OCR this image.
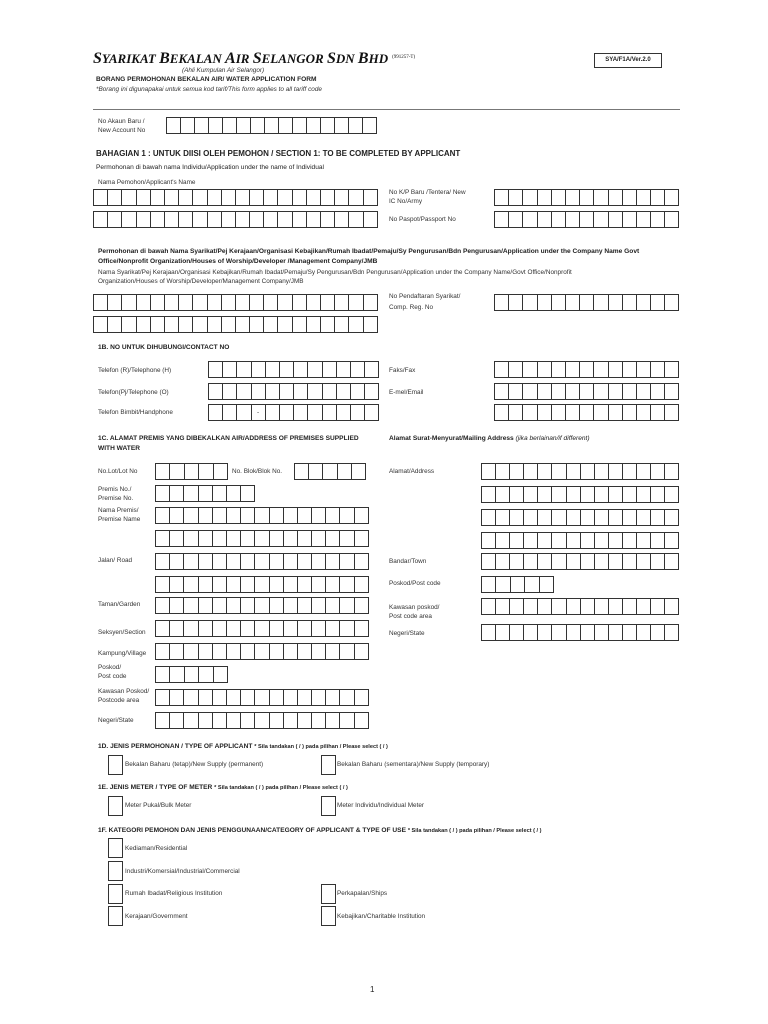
SYARIKAT BEKALAN AIR SELANGOR SDN BHD $^{(991257-T)}$
(Ahli Kumpulan Air Selangor)
BORANG PERMOHONAN BEKALAN AIR/ WATER APPLICATION FORM
*Borang ini digunapakai untuk semua kod tarif/This form applies to all tariff code
SYA/F1A/Ver.2.0
No Akaun Baru /
New Account No
BAHAGIAN 1 : UNTUK DIISI OLEH PEMOHON / SECTION 1: TO BE COMPLETED BY APPLICANT
Permohonan di bawah nama Individu/Application under the name of Individual
Nama Pemohon/Applicant's Name
No K/P Baru /Tentera/ New
IC No/Army
No Paspot/Passport No
Permohonan di bawah Nama Syarikat/Pej Kerajaan/Organisasi Kebajikan/Rumah Ibadat/Pemaju/Sy Pengurusan/Bdn Pengurusan/Application under the Company Name Govt
Office/Nonprofit Organization/Houses of Worship/Developer /Management Company/JMB
Nama Syarikat/Pej Kerajaan/Organisasi Kebajikan/Rumah Ibadat/Pemaju/Sy Pengurusan/Bdn Pengurusan/Application under the Company Name/Govt Office/Nonprofit
Organization/Houses of Worship/Developer/Management Company/JMB
No Pendaftaran Syarikat/
Comp. Reg. No
1B. NO UNTUK DIHUBUNGI/CONTACT NO
Telefon (R)/Telephone (H)	Faks/Fax
Telefon(Pj/Telephone (O)	E-mel/Email
Telefon Bimbit/Handphone	-
1C. ALAMAT PREMIS YANG DIBEKALKAN AIR/ADDRESS OF PREMISES SUPPLIED
WITH WATER
Alamat Surat-Menyurat/Mailing Address (jika berlainan/if different)
No.Lot/Lot No	No. Blok/Blok No.
Premis No./
Premise No.
Nama Premis/
Premise Name
Jalan/ Road
Taman/Garden
Seksyen/Section
Kampung/Village
Poskod/
Post code
Kawasan Poskod/
Postcode area
Negeri/State
Alamat/Address
Bandar/Town
Poskod/Post code
Kawasan poskod/
Post code area
Negeri/State
1D. JENIS PERMOHONAN / TYPE OF APPLICANT * Sila tandakan ( / ) pada pilihan / Please select ( / )
Bekalan Baharu (tetap)/New Supply (permanent)	Bekalan Baharu (sementara)/New Supply (temporary)
1E. JENIS METER / TYPE OF METER * Sila tandakan ( / ) pada pilihan / Please select ( / )
Meter Pukal/Bulk Meter	Meter Individu/Individual Meter
1F. KATEGORI PEMOHON DAN JENIS PENGGUNAAN/CATEGORY OF APPLICANT & TYPE OF USE * Sila tandakan ( / ) pada pilihan / Please select ( / )
Kediaman/Residential
Industri/Komersial/Industrial/Commercial
Rumah Ibadat/Religious Institution	Perkapalan/Ships
Kerajaan/Government	Kebajikan/Charitable Institution
1
